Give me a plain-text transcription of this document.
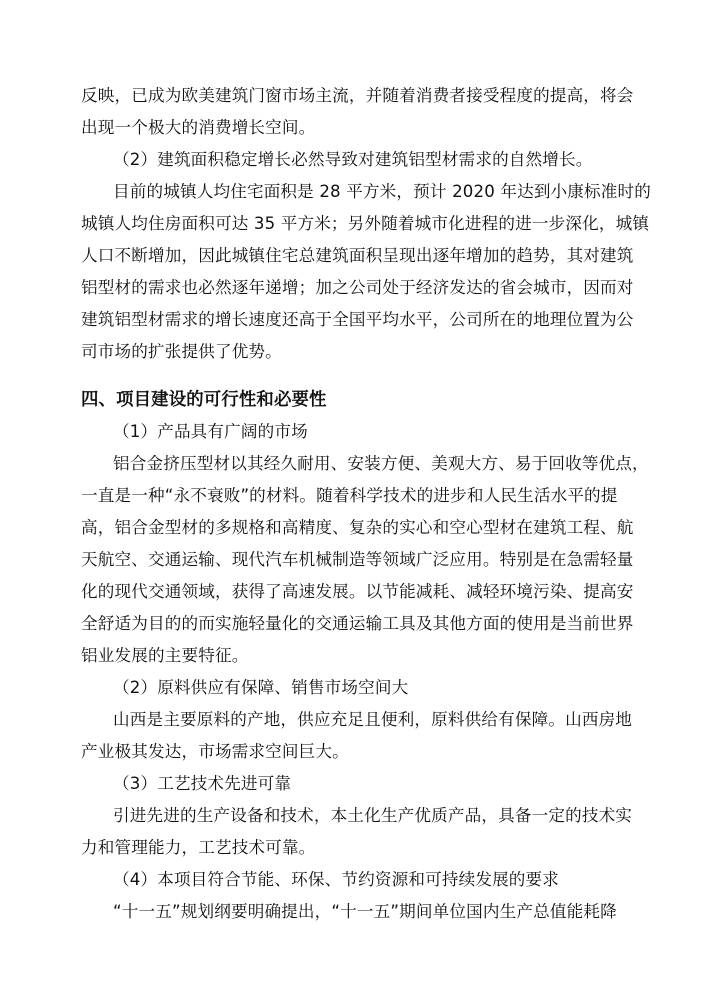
反映，已成为欧美建筑门窗市场主流，并随着消费者接受程度的提高，将会
出现一个极大的消费增长空间。
（2）建筑面积稳定增长必然导致对建筑铝型材需求的自然增长。
目前的城镇人均住宅面积是 28 平方米，预计 2020 年达到小康标准时的
城镇人均住房面积可达 35 平方米；另外随着城市化进程的进一步深化，城镇
人口不断增加，因此城镇住宅总建筑面积呈现出逐年增加的趋势，其对建筑
铝型材的需求也必然逐年递增；加之公司处于经济发达的省会城市，因而对
建筑铝型材需求的增长速度还高于全国平均水平，公司所在的地理位置为公
司市场的扩张提供了优势。
四、项目建设的可行性和必要性
（1）产品具有广阔的市场
铝合金挤压型材以其经久耐用、安装方便、美观大方、易于回收等优点，
一直是一种“永不衰败”的材料。随着科学技术的进步和人民生活水平的提
高，铝合金型材的多规格和高精度、复杂的实心和空心型材在建筑工程、航
天航空、交通运输、现代汽车机械制造等领域广泛应用。特别是在急需轻量
化的现代交通领域，获得了高速发展。以节能减耗、减轻环境污染、提高安
全舒适为目的的而实施轻量化的交通运输工具及其他方面的使用是当前世界
铝业发展的主要特征。
（2）原料供应有保障、销售市场空间大
山西是主要原料的产地，供应充足且便利，原料供给有保障。山西房地
产业极其发达，市场需求空间巨大。
（3）工艺技术先进可靠
引进先进的生产设备和技术，本土化生产优质产品，具备一定的技术实
力和管理能力，工艺技术可靠。
（4）本项目符合节能、环保、节约资源和可持续发展的要求
“十一五”规划纲要明确提出，“十一五”期间单位国内生产总值能耗降
